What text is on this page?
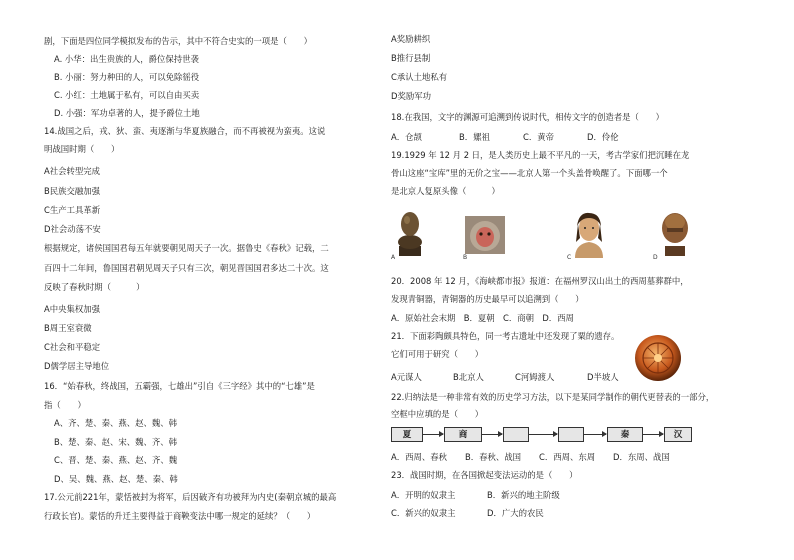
剧，下面是四位同学模拟发布的告示，其中不符合史实的一项是（　　）
A. 小华：出生贵族的人，爵位保持世袭
B. 小丽：努力种田的人，可以免除徭役
C. 小红：土地属于私有，可以自由买卖
D. 小强：军功卓著的人，提予爵位土地
14.战国之后，戎、狄、蛮、夷逐渐与华夏族融合，而不再被视为蛮夷。这说
明战国时期（　　）
A社会转型完成
B民族交融加强
C生产工具革新
D社会动荡不安
根据规定，诸侯国国君每五年就要朝见周天子一次。据鲁史《春秋》记载，二
百四十二年间，鲁国国君朝见周天子只有三次，朝见晋国国君多达二十次。这
反映了春秋时期（　　　）
A中央集权加强
B周王室衰微
C社会和平稳定
D儒学居主导地位
16．“始春秋，终战国，五霸强，七雄出”引自《三字经》其中的“七雄”是
指（　　）
A、齐、楚、秦、燕、赵、魏、韩
B、楚、秦、赵、宋、魏、齐、韩
C、晋、楚、秦、燕、赵、齐、魏
D、吴、魏、燕、赵、楚、秦、韩
17.公元前221年，蒙恬被封为将军，后因破齐有功被拜为内史(秦朝京城的最高
行政长官)。蒙恬的升迁主要得益于商鞅变法中哪一规定的延续？（　　）
A奖励耕织
B推行县制
C承认土地私有
D奖励军功
18.在我国，文字的渊源可追溯到传说时代，相传文字的创造者是（　　）
A．仓颉	B．嫘祖	C．黄帝	D．伶伦
19.1929 年 12 月 2 日，是人类历史上最不平凡的一天，考古学家们把沉睡在龙
骨山这座“宝库”里的无价之宝——北京人第一个头盖骨唤醒了。下面哪一个
是北京人复原头像（　　　）
A	B	C	D
20．2008 年 12 月，《海峡都市报》报道：在福州罗汉山出土的西周墓葬群中，
发现青铜器，青铜器的历史最早可以追溯到（　　）
A．原始社会末期　B．夏朝　C．商朝　D．西周
21．下面彩陶颇具特色，同一考古遗址中还发现了粟的遗存。
它们可用于研究（　　）
A元谋人	B北京人	C河姆渡人	D半坡人
22.归纳法是一种非常有效的历史学习方法，以下是某同学制作的朝代更替表的一部分，
空框中应填的是（　　）
夏	商	秦	汉
A．西周、春秋 B．春秋、战国 C．西周、东周 D．东周、战国
23．战国时期，在各国掀起变法运动的是（　　）
A．开明的奴隶主	B．新兴的地主阶级
C．新兴的奴隶主	D．广大的农民
